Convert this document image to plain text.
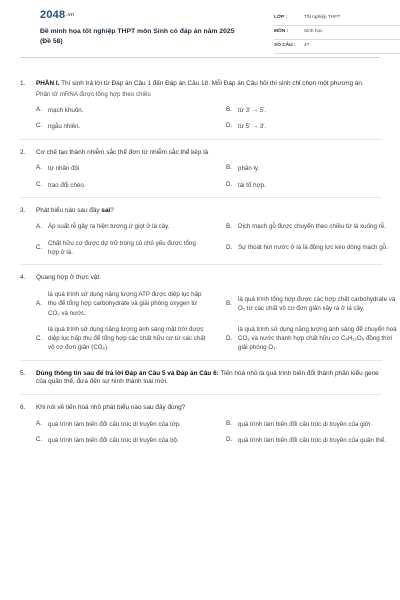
2048.vn
Đề minh họa tốt nghiệp THPT môn Sinh có đáp án năm 2025 (Đề 58)
LỚP :	Tốt nghiệp THPT
MÔN :	Sinh học
SỐ CÂU :	47
1. PHẦN I. Thí sinh trả lời từ Đáp án Câu 1 đến Đáp án Câu 18. Mỗi Đáp án Câu hỏi thí sinh chỉ chọn một phương án.
Phân tử mRNA được tổng hợp theo chiều
A. mạch khuôn.	B. từ 3' → 5'.
C. ngẫu nhiên.	D. từ 5' → 3'.
2. Cơ chế tạo thành nhiễm sắc thể đơn từ nhiễm sắc thể kép là
A. tự nhân đôi	B. phân ly.
C. trao đổi chéo.	D. tái tổ hợp.
3. Phát biểu nào sau đây sai?
A. Áp suất rễ gây ra hiện tượng ứ giọt ở lá cây.	B. Dịch mạch gỗ được chuyển theo chiều từ lá xuống rễ.
C.
Chất hữu cơ được dự trữ trong củ chủ yếu được tổng hợp ở lá.
D. Sự thoát hơi nước ở lá là động lực kéo dòng mạch gỗ.
4. Quang hợp ở thực vật:
A.
là quá trình sử dụng năng lượng ATP được diệp lục hấp thụ để tổng hợp carbohydrate và giải phóng oxygen từ CO₂ và nước.
B.
là quá trình tổng hợp được các hợp chất carbohydrate và O₂ từ các chất vô cơ đơn giản xảy ra ở lá cây.
C.
là quá trình sử dụng năng lượng ánh sáng mặt trời được diệp lục hấp thụ để tổng hợp các chất hữu cơ từ các chất vô cơ đơn giản (CO₂).
D.
là quá trình sử dụng năng lượng ánh sáng để chuyển hoá CO₂ và nước thành hợp chất hữu cơ C₆H₁₂O₆ đồng thời giải phóng O₂.
5. Dùng thông tin sau để trả lời Đáp án Câu 5 và Đáp án Câu 6: Tiến hoá nhỏ là quá trình biến đổi thành phần kiểu gene của quần thể, đưa đến sự hình thành loài mới.
6. Khi nói về tiến hoá nhỏ phát biểu nào sau đây đúng?
A. quá trình làm biến đổi cấu trúc di truyền của lớp.	B. quá trình làm biến đổi cấu trúc di truyền của giới.
C. quá trình làm biến đổi cấu trúc di truyền của bộ.	D. quá trình làm biến đổi cấu trúc di truyền của quần thể.
